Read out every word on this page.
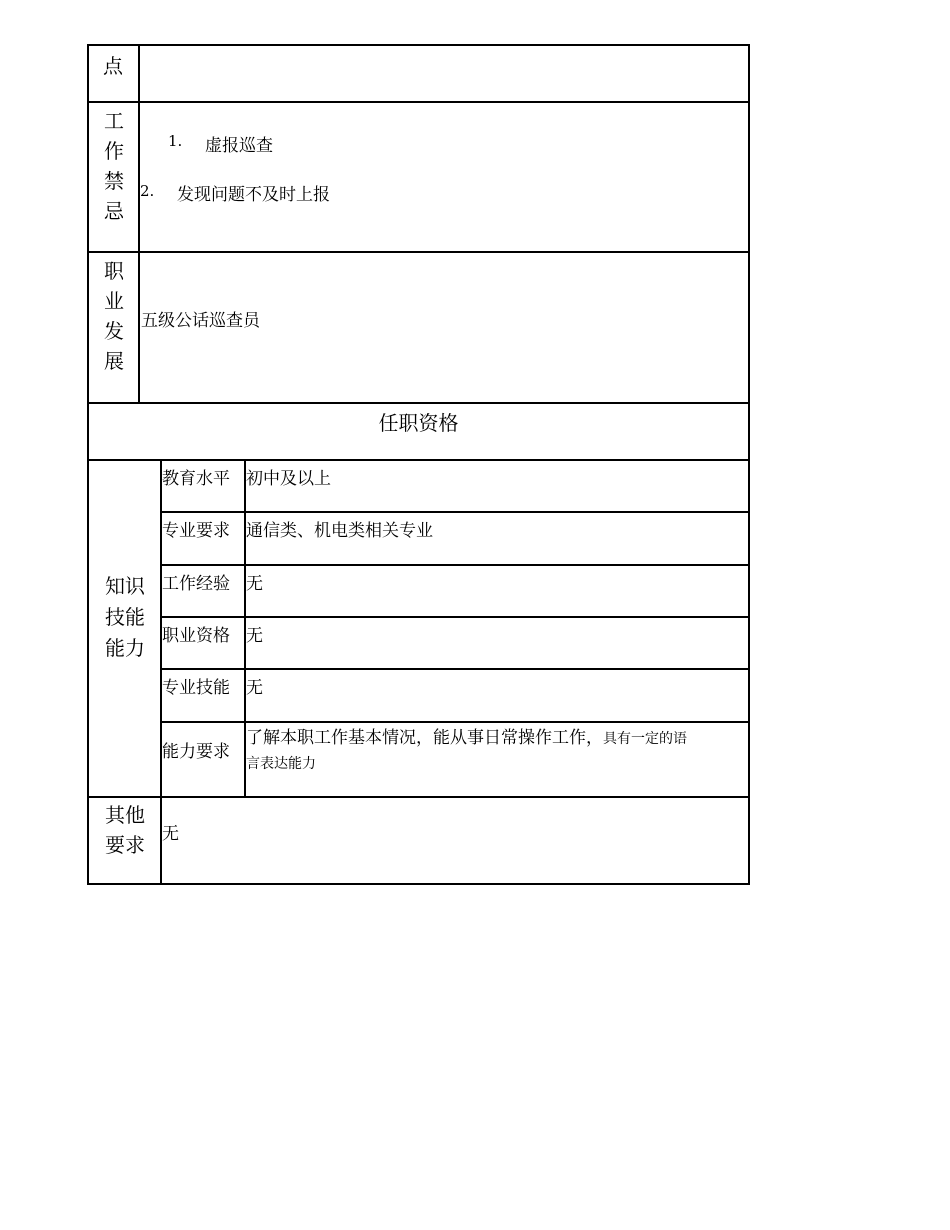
点
工
作
禁
忌
1. 虚报巡查
2. 发现问题不及时上报
职
业
发
展
五级公话巡查员
任职资格
知识
技能
能力
教育水平 初中及以上
专业要求 通信类、机电类相关专业
工作经验 无
职业资格 无
专业技能 无
能力要求
了解本职工作基本情况，能从事日常操作工作，具有一定的语
言表达能力
其他
要求	无
